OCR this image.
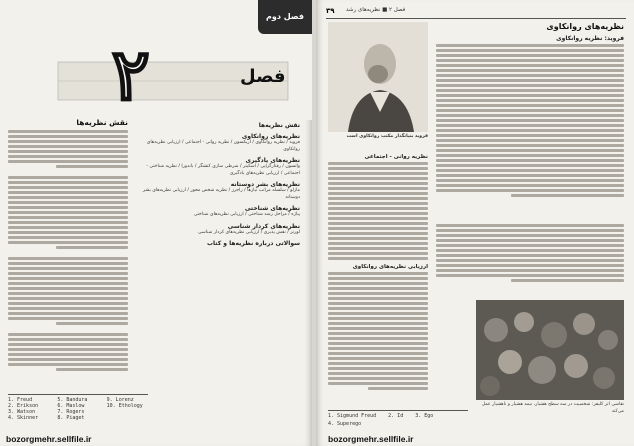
۲	فصل
فصل دوم
نقش نظریه‌ها	نقش نظریه‌ها
نظریه‌های روانکاوی
فروید / نظریه روانکاوی / اریکسون / نظریه روانی - اجتماعی / ارزیابی نظریه‌های روانکاوی
نظریه‌های یادگیری
واتسون / رفتارگرایی / اسکینر / شرطی سازی کنشگر / باندورا / نظریه شناختی - اجتماعی / ارزیابی نظریه‌های یادگیری
نظریه‌های بشر دوستانه
مازلو / سلسله مراتب نیازها / راجرز / نظریه شخص محور / ارزیابی نظریه‌های بشر دوستانه
نظریه‌های شناختی
پیاژه / مراحل رشد شناختی / ارزیابی نظریه‌های شناختی
نظریه‌های کردار شناسی
لورنز / نقش پذیری / ارزیابی نظریه‌های کردار شناسی
سوالاتی درباره نظریه‌ها و کتاب
1. Freud
2. Erikson
3. Watson
4. Skinner
5. Bandura
6. Maslow
7. Rogers
8. Piaget
9. Lorenz
10. Ethology
bozorgmehr.sellfile.ir
۳۹ فصل ۲ ■ نظریه‌های رشد
فروید بنیانگذار مکتب روانکاوی است
نظریه‌های روانکاوی
فروید: نظریه روانکاوی
نظریه روانی - اجتماعی
ارزیابی نظریه‌های روانکاوی
نقاشی اثر کلیفر: شخصیت در سه سطح هشیار، نیمه هشیار و ناهشیار عمل می‌کند
1. Sigmund Freud 2. Id 3. Ego
4. Superego
bozorgmehr.sellfile.ir
